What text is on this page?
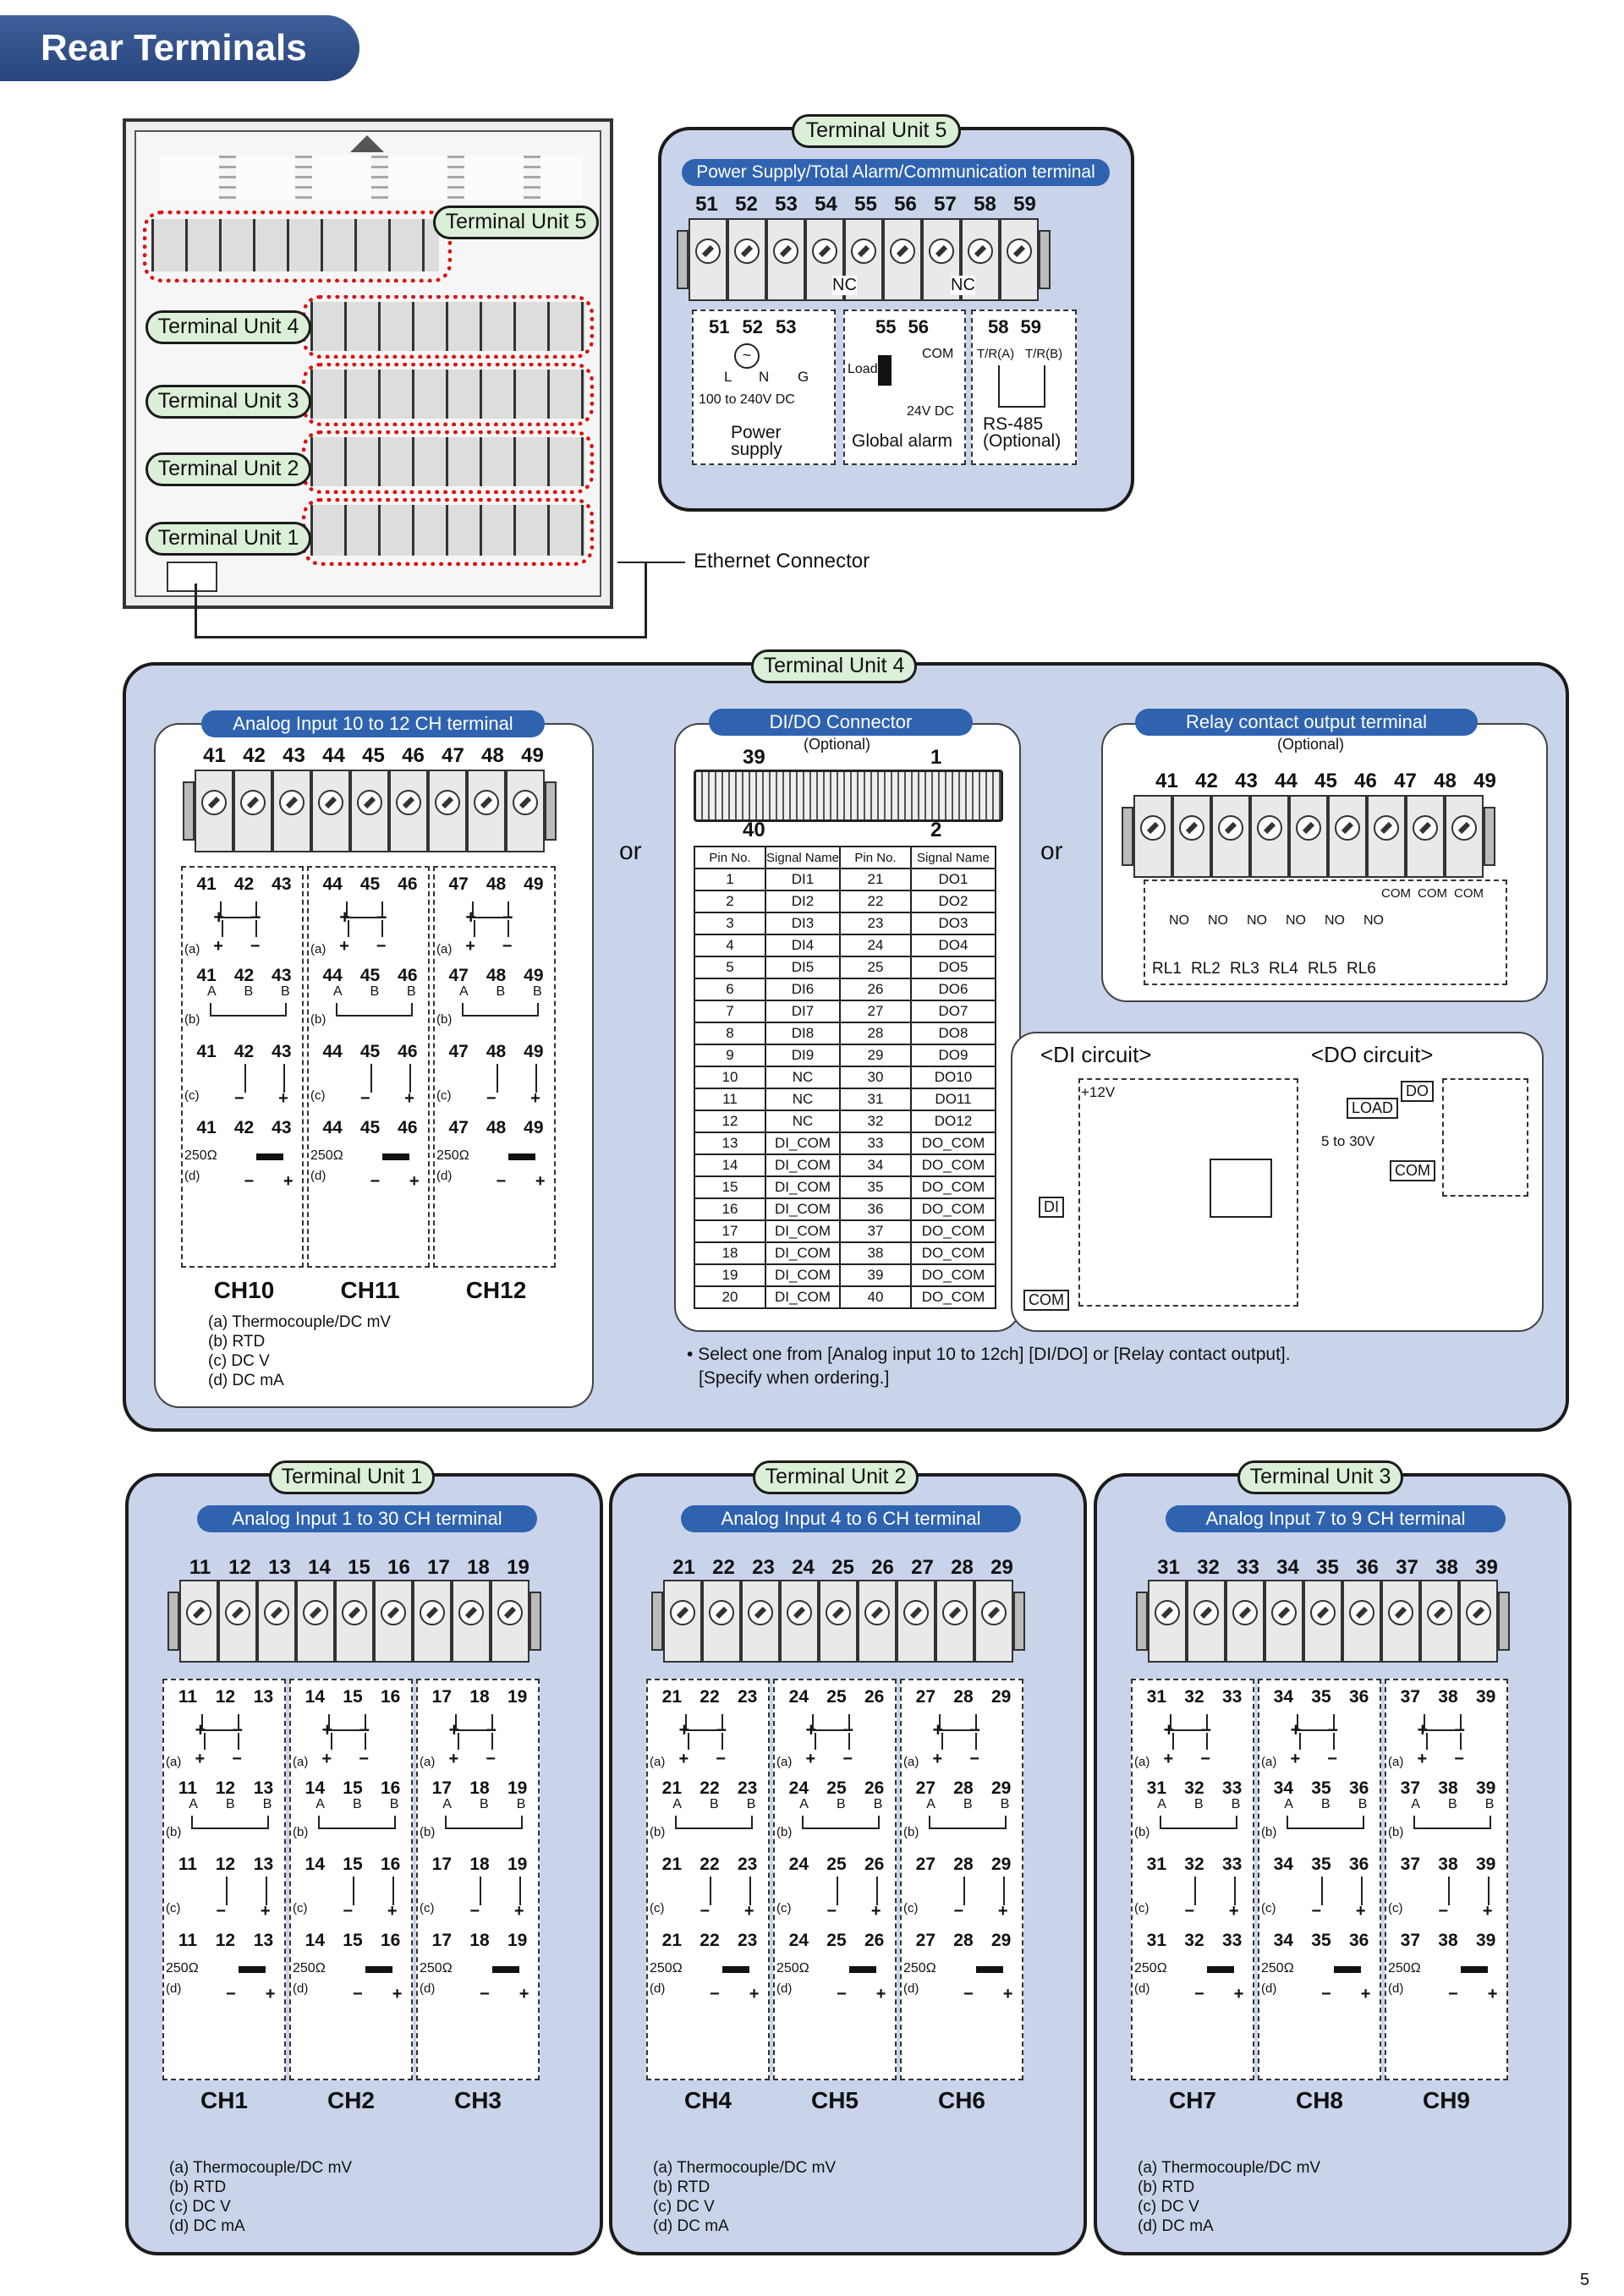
Rear Terminals
Terminal Unit 5
Terminal Unit 4
Terminal Unit 3
Terminal Unit 2
Terminal Unit 1
Ethernet Connector
Terminal Unit 5
Power Supply/Total Alarm/Communication terminal
51 52 53 54 55 56 57 58 59
NC	NC
51 52 53
~
L N G
100 to 240V DC
Power
supply
55 56
COM
Load
24V DC
Global alarm
58 59
T/R(A) T/R(B)
RS-485
(Optional)
Terminal Unit 4
Analog Input 10 to 12 CH terminal
41 42 43 44 45 46 47 48 49
41 42 43
(a)
41 42 43
(b)
41 42 43
(c)
41 42 43
(d)
+ −
+ −
A B B
− +
250Ω
− +
44 45 46
(a)
44 45 46
(b)
44 45 46
(c)
44 45 46
(d)
+ −
+ −
A B B
− +
250Ω
− +
47 48 49
(a)
47 48 49
(b)
47 48 49
(c)
47 48 49
(d)
+ −
+ −
A B B
− +
250Ω
− +
CH10	CH11	CH12
(a) Thermocouple/DC mV
(b) RTD
(c) DC V
(d) DC mA
or	or
DI/DO Connector
(Optional)
39	1
40	2
Pin No.	Signal Name	Pin No.	Signal Name
1	DI1	21	DO1
2	DI2	22	DO2
3	DI3	23	DO3
4	DI4	24	DO4
5	DI5	25	DO5
6	DI6	26	DO6
7	DI7	27	DO7
8	DI8	28	DO8
9	DI9	29	DO9
10	NC	30	DO10
11	NC	31	DO11
12	NC	32	DO12
13	DI_COM	33	DO_COM
14	DI_COM	34	DO_COM
15	DI_COM	35	DO_COM
16	DI_COM	36	DO_COM
17	DI_COM	37	DO_COM
18	DI_COM	38	DO_COM
19	DI_COM	39	DO_COM
20	DI_COM	40	DO_COM
Relay contact output terminal
(Optional)
41 42 43 44 45 46 47 48 49
COM COM COM
NO	NO	NO	NO	NO	NO
RL1 RL2 RL3 RL4 RL5 RL6
<DI circuit>	<DO circuit>
+12V
DI
COM
LOAD
DO
5 to 30V
COM
• Select one from [Analog input 10 to 12ch] [DI/DO] or [Relay contact output].
[Specify when ordering.]
Terminal Unit 1
Analog Input 1 to 30 CH terminal
11 12 13 14 15 16 17 18 19
11 12 13
(a)
11 12 13
(b)
11 12 13
(c)
11 12 13
(d)
+ −
+ −
A B B
− +
250Ω
− +
CH1
14 15 16
(a)
14 15 16
(b)
14 15 16
(c)
14 15 16
(d)
+ −
+ −
A B B
− +
250Ω
− +
CH2
17 18 19
(a)
17 18 19
(b)
17 18 19
(c)
17 18 19
(d)
+ −
+ −
A B B
− +
250Ω
− +
CH3
(a) Thermocouple/DC mV
(b) RTD
(c) DC V
(d) DC mA
Terminal Unit 2
Analog Input 4 to 6 CH terminal
21 22 23 24 25 26 27 28 29
21 22 23
(a)
21 22 23
(b)
21 22 23
(c)
21 22 23
(d)
+ −
+ −
A B B
− +
250Ω
− +
CH4
24 25 26
(a)
24 25 26
(b)
24 25 26
(c)
24 25 26
(d)
+ −
+ −
A B B
− +
250Ω
− +
CH5
27 28 29
(a)
27 28 29
(b)
27 28 29
(c)
27 28 29
(d)
+ −
+ −
A B B
− +
250Ω
− +
CH6
(a) Thermocouple/DC mV
(b) RTD
(c) DC V
(d) DC mA
Terminal Unit 3
Analog Input 7 to 9 CH terminal
31 32 33 34 35 36 37 38 39
31 32 33
(a)
31 32 33
(b)
31 32 33
(c)
31 32 33
(d)
+ −
+ −
A B B
− +
250Ω
− +
CH7
34 35 36
(a)
34 35 36
(b)
34 35 36
(c)
34 35 36
(d)
+ −
+ −
A B B
− +
250Ω
− +
CH8
37 38 39
(a)
37 38 39
(b)
37 38 39
(c)
37 38 39
(d)
+ −
+ −
A B B
− +
250Ω
− +
CH9
(a) Thermocouple/DC mV
(b) RTD
(c) DC V
(d) DC mA
5
